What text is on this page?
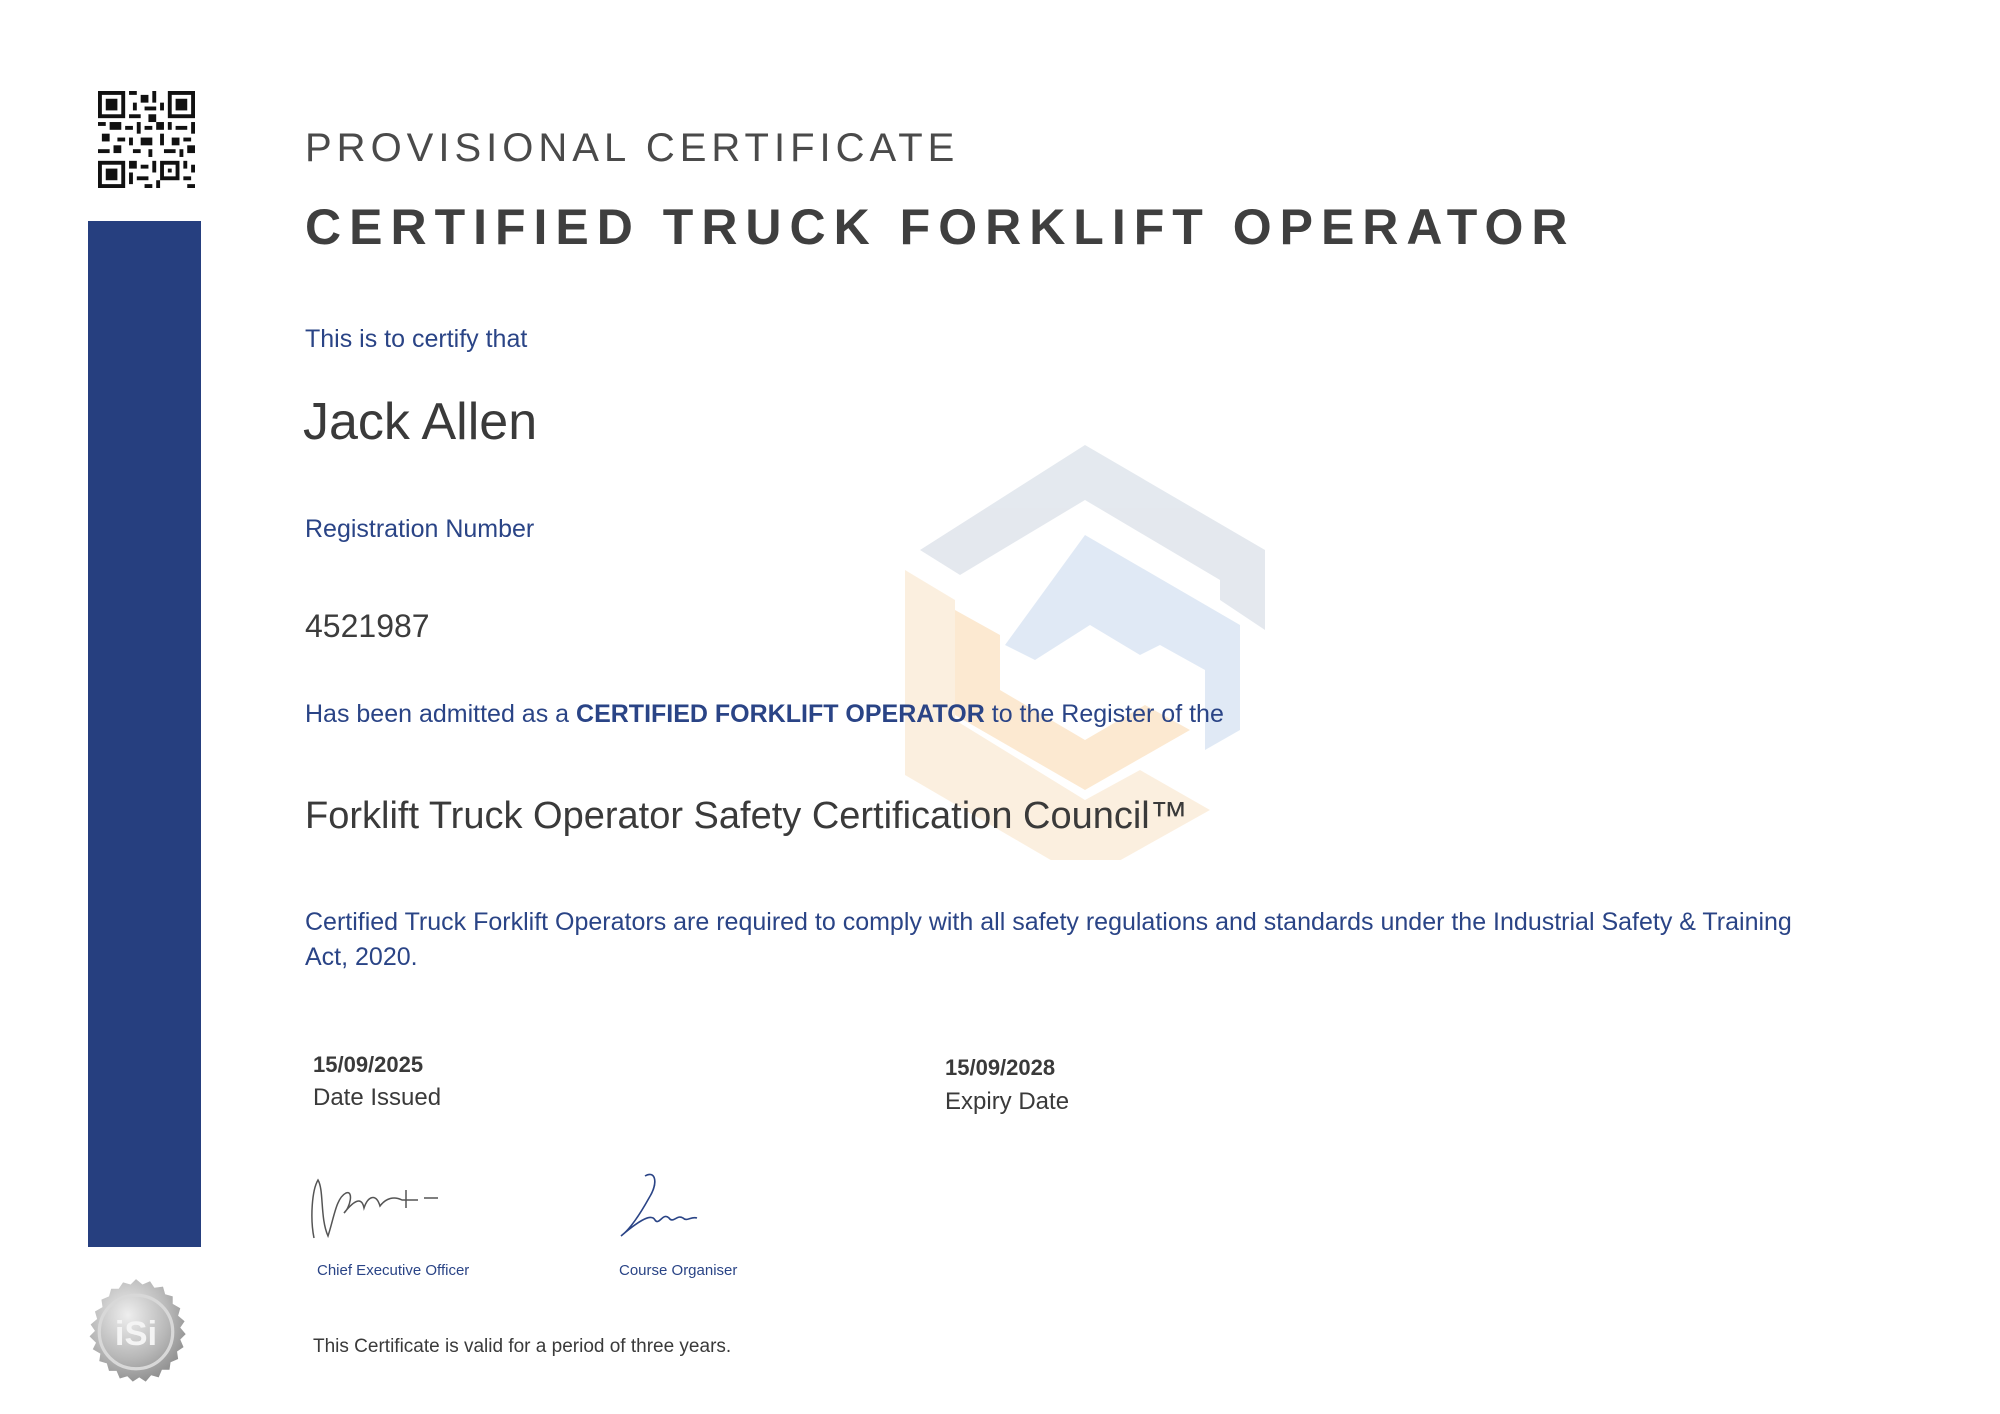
iSi
PROVISIONAL CERTIFICATE
CERTIFIED TRUCK FORKLIFT OPERATOR
This is to certify that
Jack Allen
Registration Number
4521987
Has been admitted as a CERTIFIED FORKLIFT OPERATOR to the Register of the
Forklift Truck Operator Safety Certification Council™
Certified Truck Forklift Operators are required to comply with all safety regulations and standards under the Industrial Safety & Training Act, 2020.
15/09/2025
Date Issued
15/09/2028
Expiry Date
Chief Executive Officer	Course Organiser
This Certificate is valid for a period of three years.
